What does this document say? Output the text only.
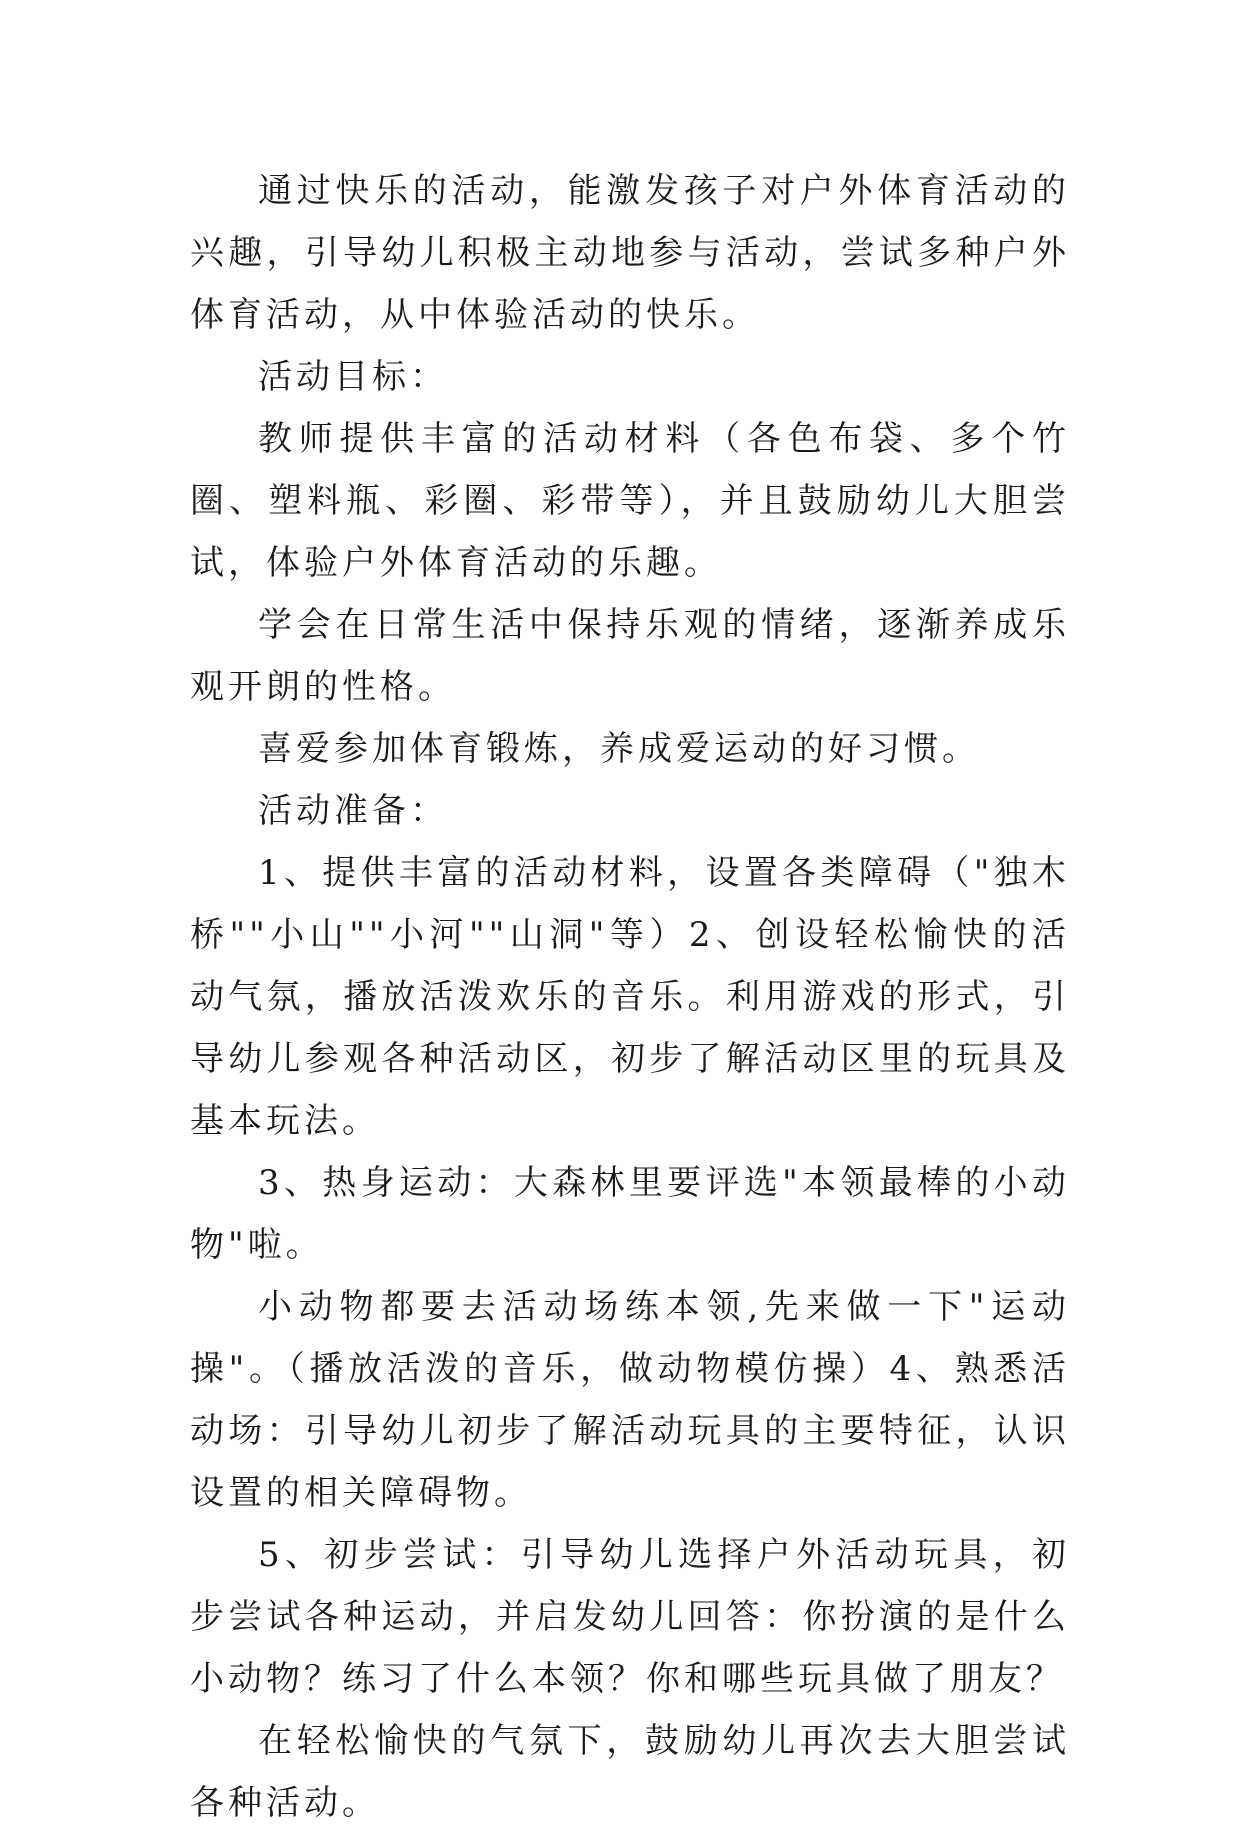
通过快乐的活动，能激发孩子对户外体育活动的兴趣，引导幼儿积极主动地参与活动，尝试多种户外体育活动，从中体验活动的快乐。

活动目标：

教师提供丰富的活动材料（各色布袋、多个竹圈、塑料瓶、彩圈、彩带等），并且鼓励幼儿大胆尝试，体验户外体育活动的乐趣。

学会在日常生活中保持乐观的情绪，逐渐养成乐观开朗的性格。

喜爱参加体育锻炼，养成爱运动的好习惯。

活动准备：

1、提供丰富的活动材料，设置各类障碍（"独木桥""小山""小河""山洞"等）2、创设轻松愉快的活动气氛，播放活泼欢乐的音乐。利用游戏的形式，引导幼儿参观各种活动区，初步了解活动区里的玩具及基本玩法。

3、热身运动：大森林里要评选"本领最棒的小动物"啦。

小动物都要去活动场练本领,先来做一下"运动操"。（播放活泼的音乐，做动物模仿操）4、熟悉活动场：引导幼儿初步了解活动玩具的主要特征，认识设置的相关障碍物。

5、初步尝试：引导幼儿选择户外活动玩具，初步尝试各种运动，并启发幼儿回答：你扮演的是什么小动物？练习了什么本领？你和哪些玩具做了朋友？

在轻松愉快的气氛下，鼓励幼儿再次去大胆尝试各种活动。
